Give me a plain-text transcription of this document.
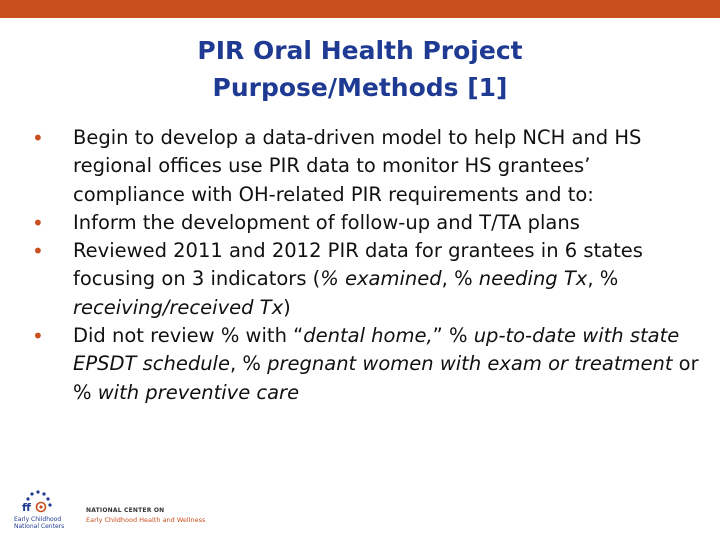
PIR Oral Health Project
Purpose/Methods [1]
• Begin to develop a data-driven model to help NCH and HS regional offices use PIR data to monitor HS grantees’ compliance with OH-related PIR requirements and to:
• Inform the development of follow-up and T/TA plans
• Reviewed 2011 and 2012 PIR data for grantees in 6 states focusing on 3 indicators (% examined, % needing Tx, % receiving/received Tx)
• Did not review % with “dental home,” % up-to-date with state EPSDT schedule, % pregnant women with exam or treatment or % with preventive care
ff
Early Childhood
National Centers
NATIONAL CENTER ON
Early Childhood Health and Wellness
